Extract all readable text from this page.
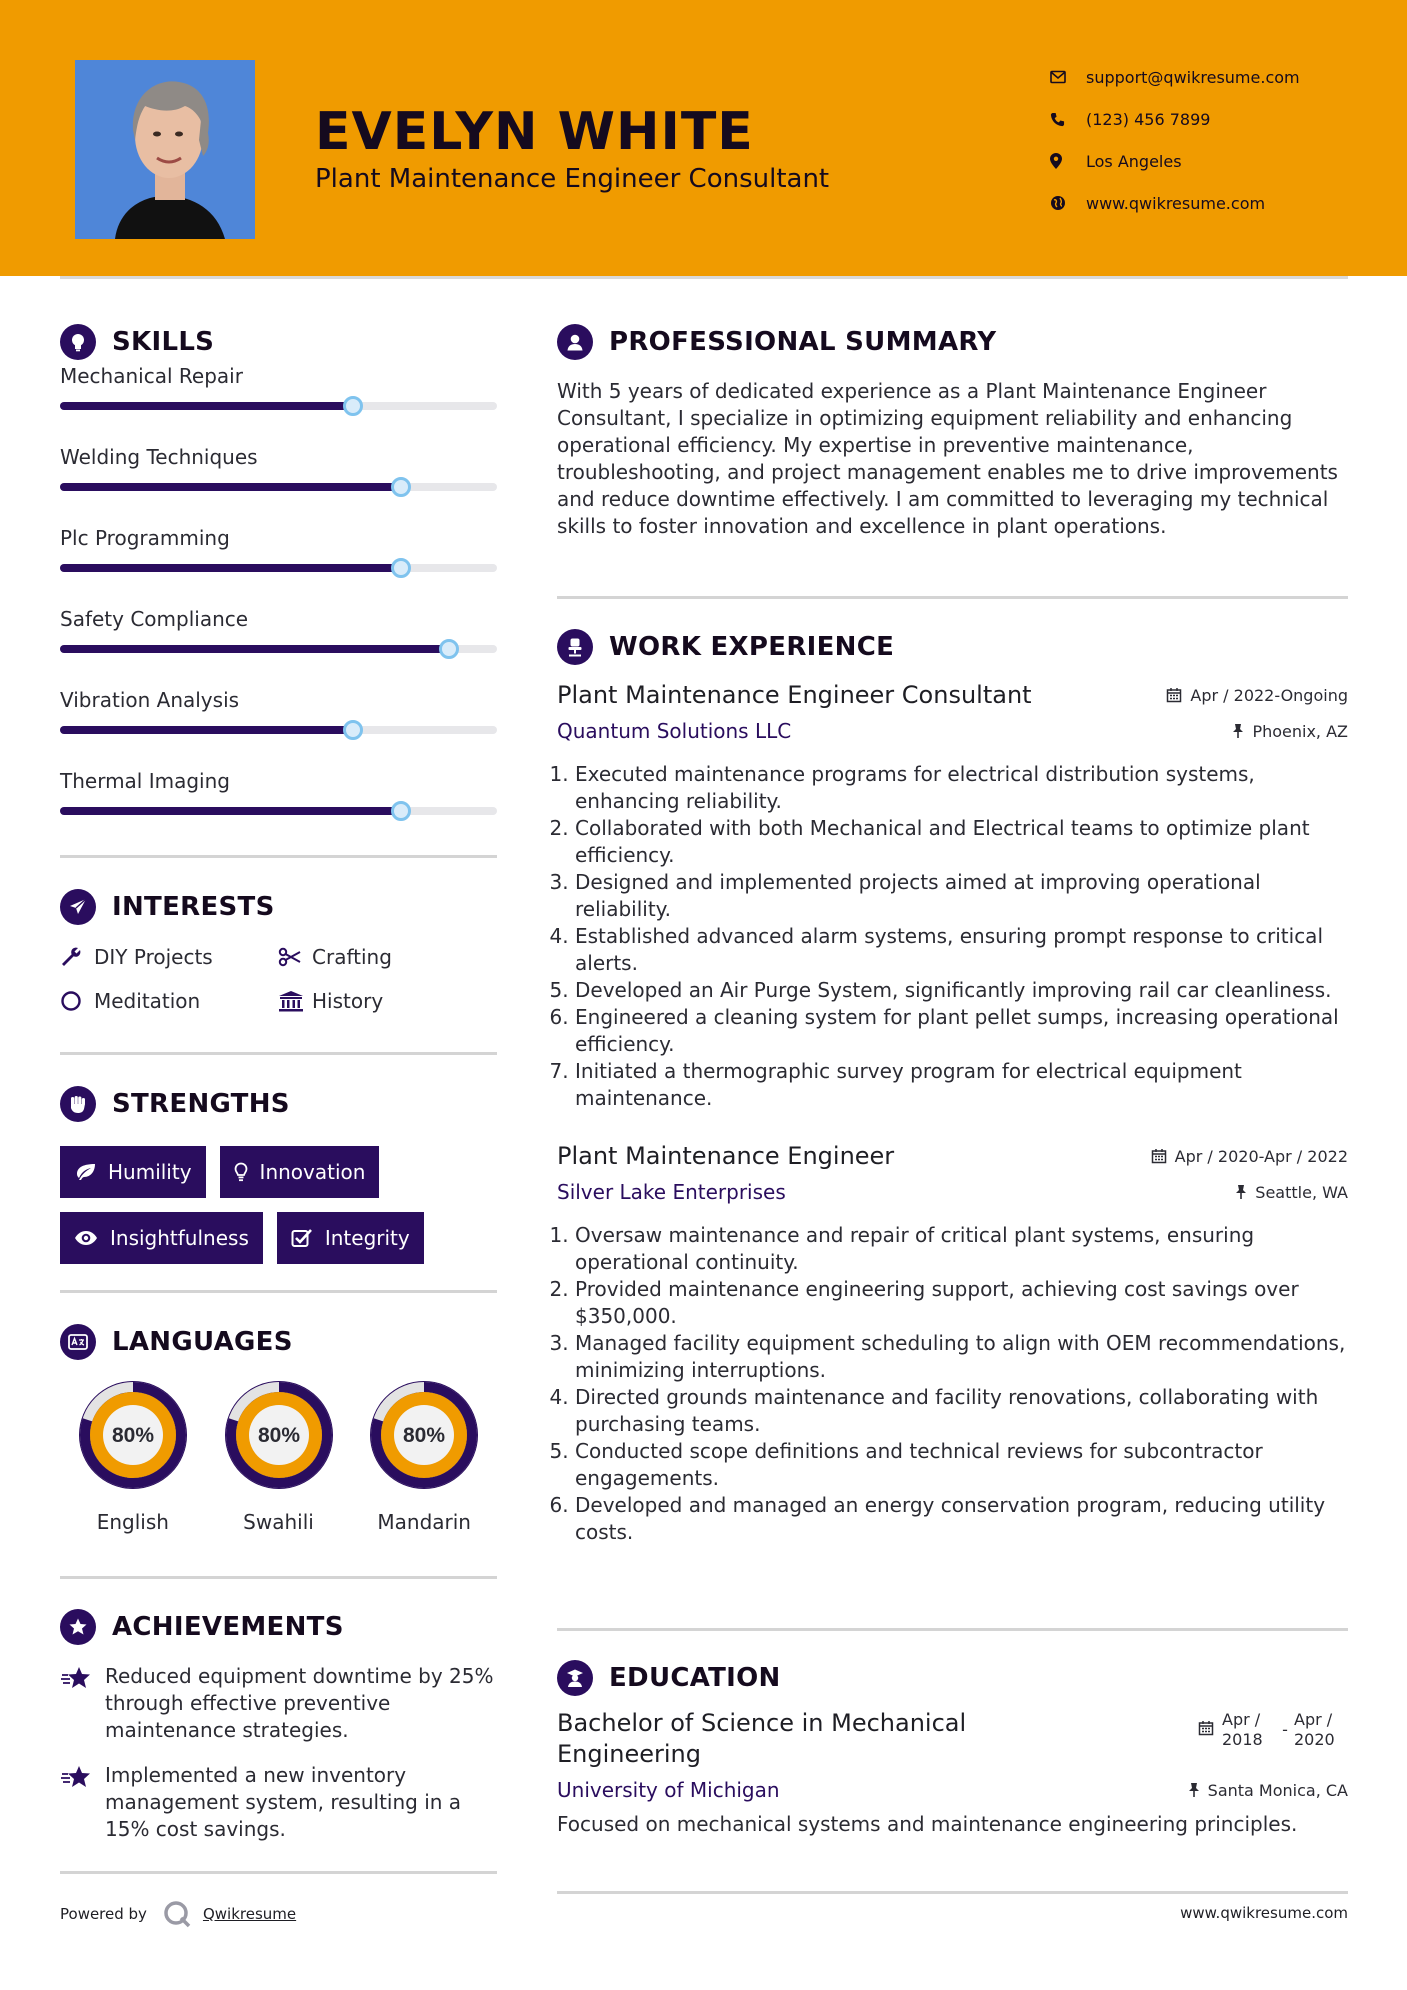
EVELYN WHITE
Plant Maintenance Engineer Consultant
support@qwikresume.com
(123) 456 7899
Los Angeles
www.qwikresume.com
SKILLS
Mechanical Repair
Welding Techniques
Plc Programming
Safety Compliance
Vibration Analysis
Thermal Imaging
INTERESTS
DIY Projects	Crafting
Meditation	History
STRENGTHS
Humility	Innovation
Insightfulness	Integrity
LANGUAGES
80%
English
80%
Swahili
80%
Mandarin
ACHIEVEMENTS
Reduced equipment downtime by 25% through effective preventive maintenance strategies.
Implemented a new inventory management system, resulting in a 15% cost savings.
Powered by	Qwikresume
PROFESSIONAL SUMMARY
With 5 years of dedicated experience as a Plant Maintenance Engineer Consultant, I specialize in optimizing equipment reliability and enhancing operational efficiency. My expertise in preventive maintenance, troubleshooting, and project management enables me to drive improvements and reduce downtime effectively. I am committed to leveraging my technical skills to foster innovation and excellence in plant operations.
WORK EXPERIENCE
Plant Maintenance Engineer Consultant	Apr / 2022-Ongoing
Quantum Solutions LLC	Phoenix, AZ
1. Executed maintenance programs for electrical distribution systems, enhancing reliability.
2. Collaborated with both Mechanical and Electrical teams to optimize plant efficiency.
3. Designed and implemented projects aimed at improving operational reliability.
4. Established advanced alarm systems, ensuring prompt response to critical alerts.
5. Developed an Air Purge System, significantly improving rail car cleanliness.
6. Engineered a cleaning system for plant pellet sumps, increasing operational efficiency.
7. Initiated a thermographic survey program for electrical equipment maintenance.
Plant Maintenance Engineer	Apr / 2020-Apr / 2022
Silver Lake Enterprises	Seattle, WA
1. Oversaw maintenance and repair of critical plant systems, ensuring operational continuity.
2. Provided maintenance engineering support, achieving cost savings over $350,000.
3. Managed facility equipment scheduling to align with OEM recommendations, minimizing interruptions.
4. Directed grounds maintenance and facility renovations, collaborating with purchasing teams.
5. Conducted scope definitions and technical reviews for subcontractor engagements.
6. Developed and managed an energy conservation program, reducing utility costs.
EDUCATION
Bachelor of Science in Mechanical Engineering
Apr / 2018
-
Apr / 2020
University of Michigan	Santa Monica, CA
Focused on mechanical systems and maintenance engineering principles.
www.qwikresume.com
